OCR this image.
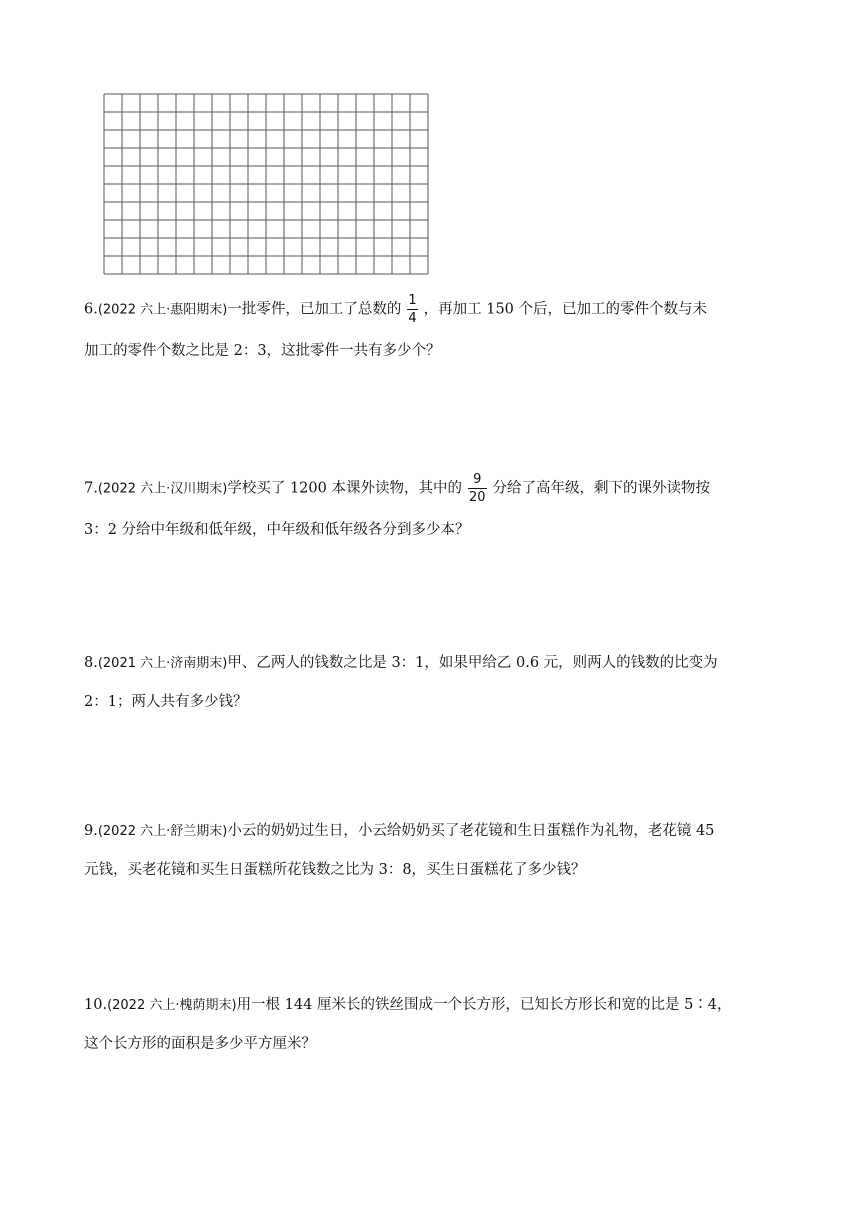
6.(2022 六上·惠阳期末)一批零件，已加工了总数的 $\frac{1}{4}$ ，再加工 150 个后，已加工的零件个数与未
加工的零件个数之比是 2：3，这批零件一共有多少个？
7.(2022 六上·汉川期末)学校买了 1200 本课外读物，其中的 $\frac{9}{20}$ 分给了高年级，剩下的课外读物按
3：2 分给中年级和低年级，中年级和低年级各分到多少本？
8.(2021 六上·济南期末)甲、乙两人的钱数之比是 3：1，如果甲给乙 0.6 元，则两人的钱数的比变为
2：1；两人共有多少钱？
9.(2022 六上·舒兰期末)小云的奶奶过生日，小云给奶奶买了老花镜和生日蛋糕作为礼物，老花镜 45
元钱，买老花镜和买生日蛋糕所花钱数之比为 3：8，买生日蛋糕花了多少钱？
10.(2022 六上·槐荫期末)用一根 144 厘米长的铁丝围成一个长方形，已知长方形长和宽的比是 5∶4，
这个长方形的面积是多少平方厘米？
